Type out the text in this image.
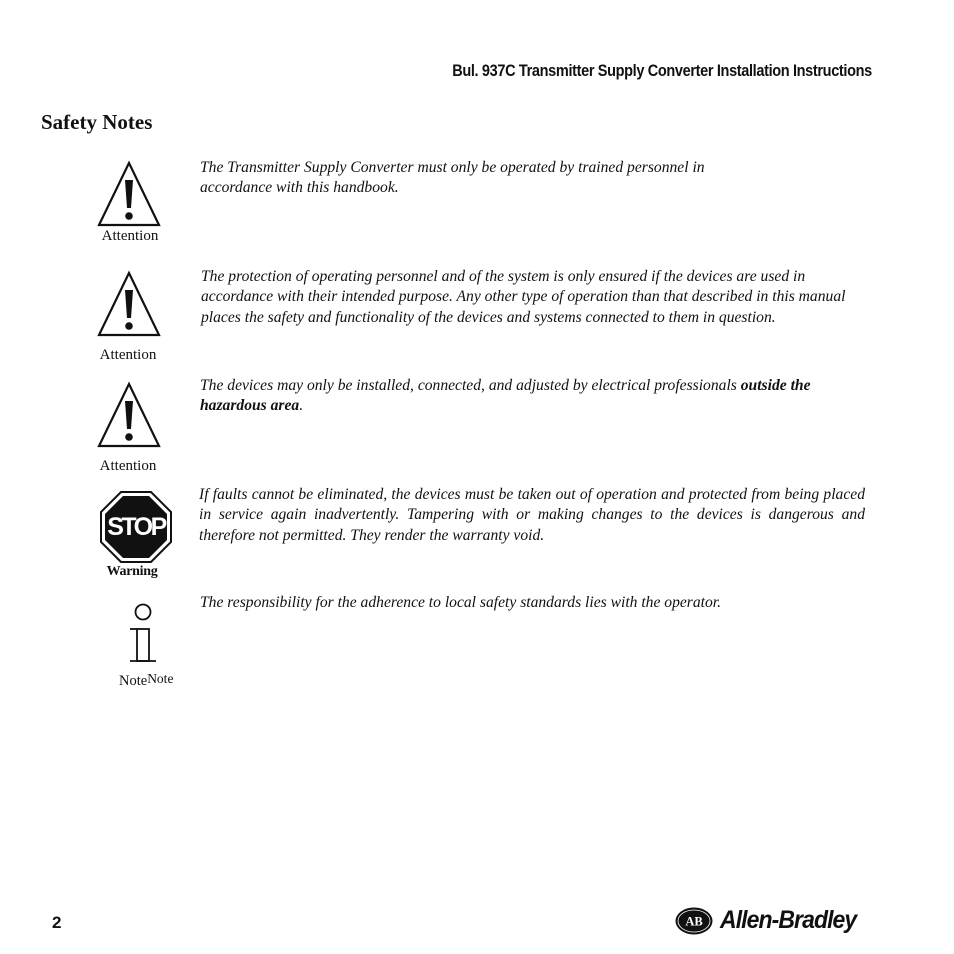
Bul. 937C Transmitter Supply Converter Installation Instructions
Safety Notes
Attention
The Transmitter Supply Converter must only be operated by trained personnel in accordance with this handbook.
Attention
The protection of operating personnel and of the system is only ensured if the devices are used in accordance with their intended purpose. Any other type of operation than that described in this manual places the safety and functionality of the devices and systems connected to them in question.
Attention
The devices may only be installed, connected, and adjusted by electrical professionals outside the hazardous area.
STOP
Warning
If faults cannot be eliminated, the devices must be taken out of operation and protected from being placed in service again inadvertently. Tampering with or making changes to the devices is dangerous and therefore not permitted. They render the warranty void.
NoteNote
The responsibility for the adherence to local safety standards lies with the operator.
2	AB Allen-Bradley
